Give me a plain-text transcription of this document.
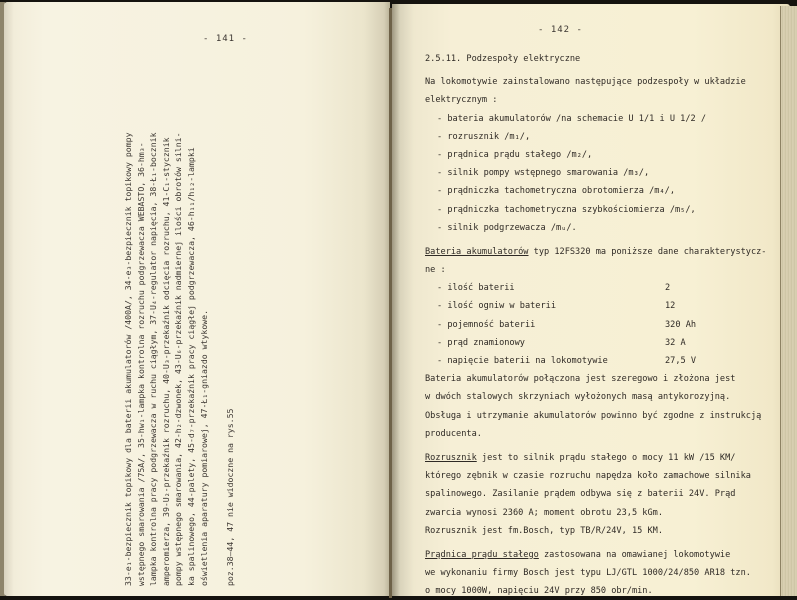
- 141 -
- 142 -
33-e₁-bezpiecznik topikowy dla baterii akumulatorów /400A/, 34-e₃-bezpiecznik topikowy pompy wstępnego smarowania /75A/, 35-hw₁-lampka kontrolna rozruchu podgrzewacza WEBASTO, 36-hm₃- lampka kontrolna pracy podgrzewacza w ruchu ciągłym, 37-U₄-regulator napięcia, 38-Ł₁-bocznik amperomierza, 39-U₂-przekaźnik rozruchu, 40-U₃-przekaźnik odcięcia rozruchu, 41-C₁-stycznik pompy wstępnego smarowania, 42-h₂-dzwonek, 43-U₆-przekaźnik nadmiernej ilości obrotów silni- ka spalinowego, 44-palety, 45-d₇-przekaźnik pracy ciągłej podgrzewacza, 46-h₁₁/h₁₂-lampki oświetlenia aparatury pomiarowej, 47-Ł₁-gniazdo wtykowe. poz.38—44, 47 nie widoczne na rys.55
2.5.11. Podzespoły elektryczne
Na lokomotywie zainstalowano następujące podzespoły w układzie
elektrycznym :
- bateria akumulatorów /na schemacie U 1/1 i U 1/2 /
- rozrusznik /m₁/,
- prądnica prądu stałego /m₂/,
- silnik pompy wstępnego smarowania /m₃/,
- prądniczka tachometryczna obrotomierza /m₄/,
- prądniczka tachometryczna szybkościomierza /m₅/,
- silnik podgrzewacza /mᵤ/.
Bateria akumulatorów typ 12FS320 ma poniższe dane charakterystycz-
ne :
- ilość baterii	2
- ilość ogniw w baterii	12
- pojemność baterii	320 Ah
- prąd znamionowy	32 A
- napięcie baterii na lokomotywie	27,5 V
Bateria akumulatorów połączona jest szeregowo i złożona jest
w dwóch stalowych skrzyniach wyłożonych masą antykorozyjną.
Obsługa i utrzymanie akumulatorów powinno być zgodne z instrukcją
producenta.
Rozrusznik jest to silnik prądu stałego o mocy 11 kW /15 KM/
którego zębnik w czasie rozruchu napędza koło zamachowe silnika
spalinowego. Zasilanie prądem odbywa się z baterii 24V. Prąd
zwarcia wynosi 2360 A; moment obrotu 23,5 kGm.
Rozrusznik jest fm.Bosch, typ TB/R/24V, 15 KM.
Prądnica prądu stałego zastosowana na omawianej lokomotywie
we wykonaniu firmy Bosch jest typu LJ/GTL 1000/24/850 AR18 tzn.
o mocy 1000W, napięciu 24V przy 850 obr/min.
